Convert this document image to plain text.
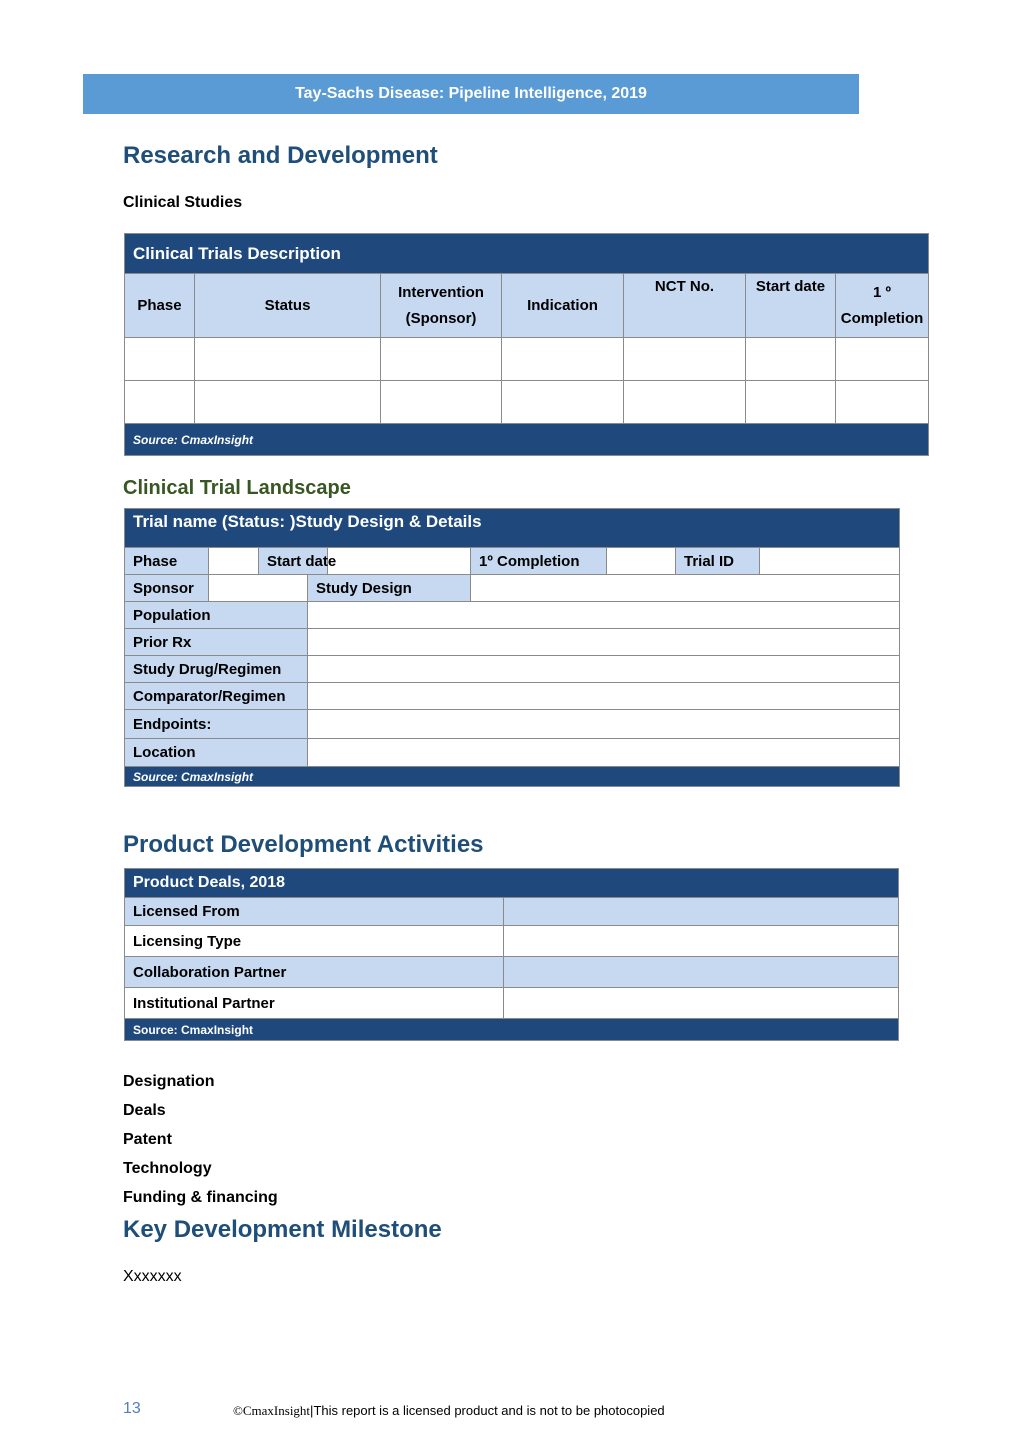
Tay-Sachs Disease: Pipeline Intelligence, 2019
Research and Development
Clinical Studies
Clinical Trials Description						
Phase	Status	Intervention (Sponsor)	Indication	NCT No.	Start date	1 º Completion

Source: CmaxInsight						
Clinical Trial Landscape
Trial name (Status: )Study Design & Details								
Phase		Start date			1º Completion		Trial ID	
Sponsor			Study Design					
Population								
Prior Rx								
Study Drug/Regimen								
Comparator/Regimen								
Endpoints:								
Location								
Source: CmaxInsight								
Product Development Activities
Product Deals, 2018	
Licensed From	
Licensing Type	
Collaboration Partner	
Institutional Partner	
Source: CmaxInsight	
Designation
Deals
Patent
Technology
Funding & financing
Key Development Milestone
Xxxxxxx
13	©CmaxInsight|This report is a licensed product and is not to be photocopied
